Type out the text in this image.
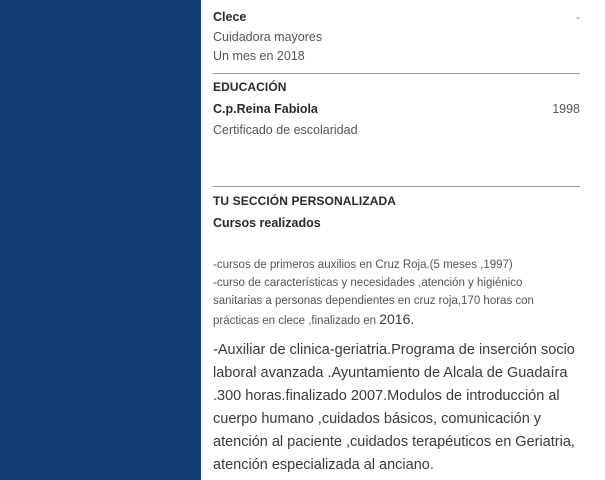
Clece	-
Cuidadora mayores
Un mes en 2018
EDUCACIÓN
C.p.Reina Fabiola	1998
Certificado de escolaridad
TU SECCIÓN PERSONALIZADA
Cursos realizados
-cursos de primeros auxilios en Cruz Roja.(5 meses ,1997)
-curso de características y necesidades ,atención y higiénico
sanitarias a personas dependientes en cruz roja,170 horas con
prácticas en clece ,finalizado en 2016.
-Auxiliar de clinica-geriatria.Programa de inserción socio
laboral avanzada .Ayuntamiento de Alcala de Guadaíra
.300 horas.finalizado 2007.Modulos de introducción al
cuerpo humano ,cuidados básicos, comunicación y
atención al paciente ,cuidados terapéuticos en Geriatria,
atención especializada al anciano.
